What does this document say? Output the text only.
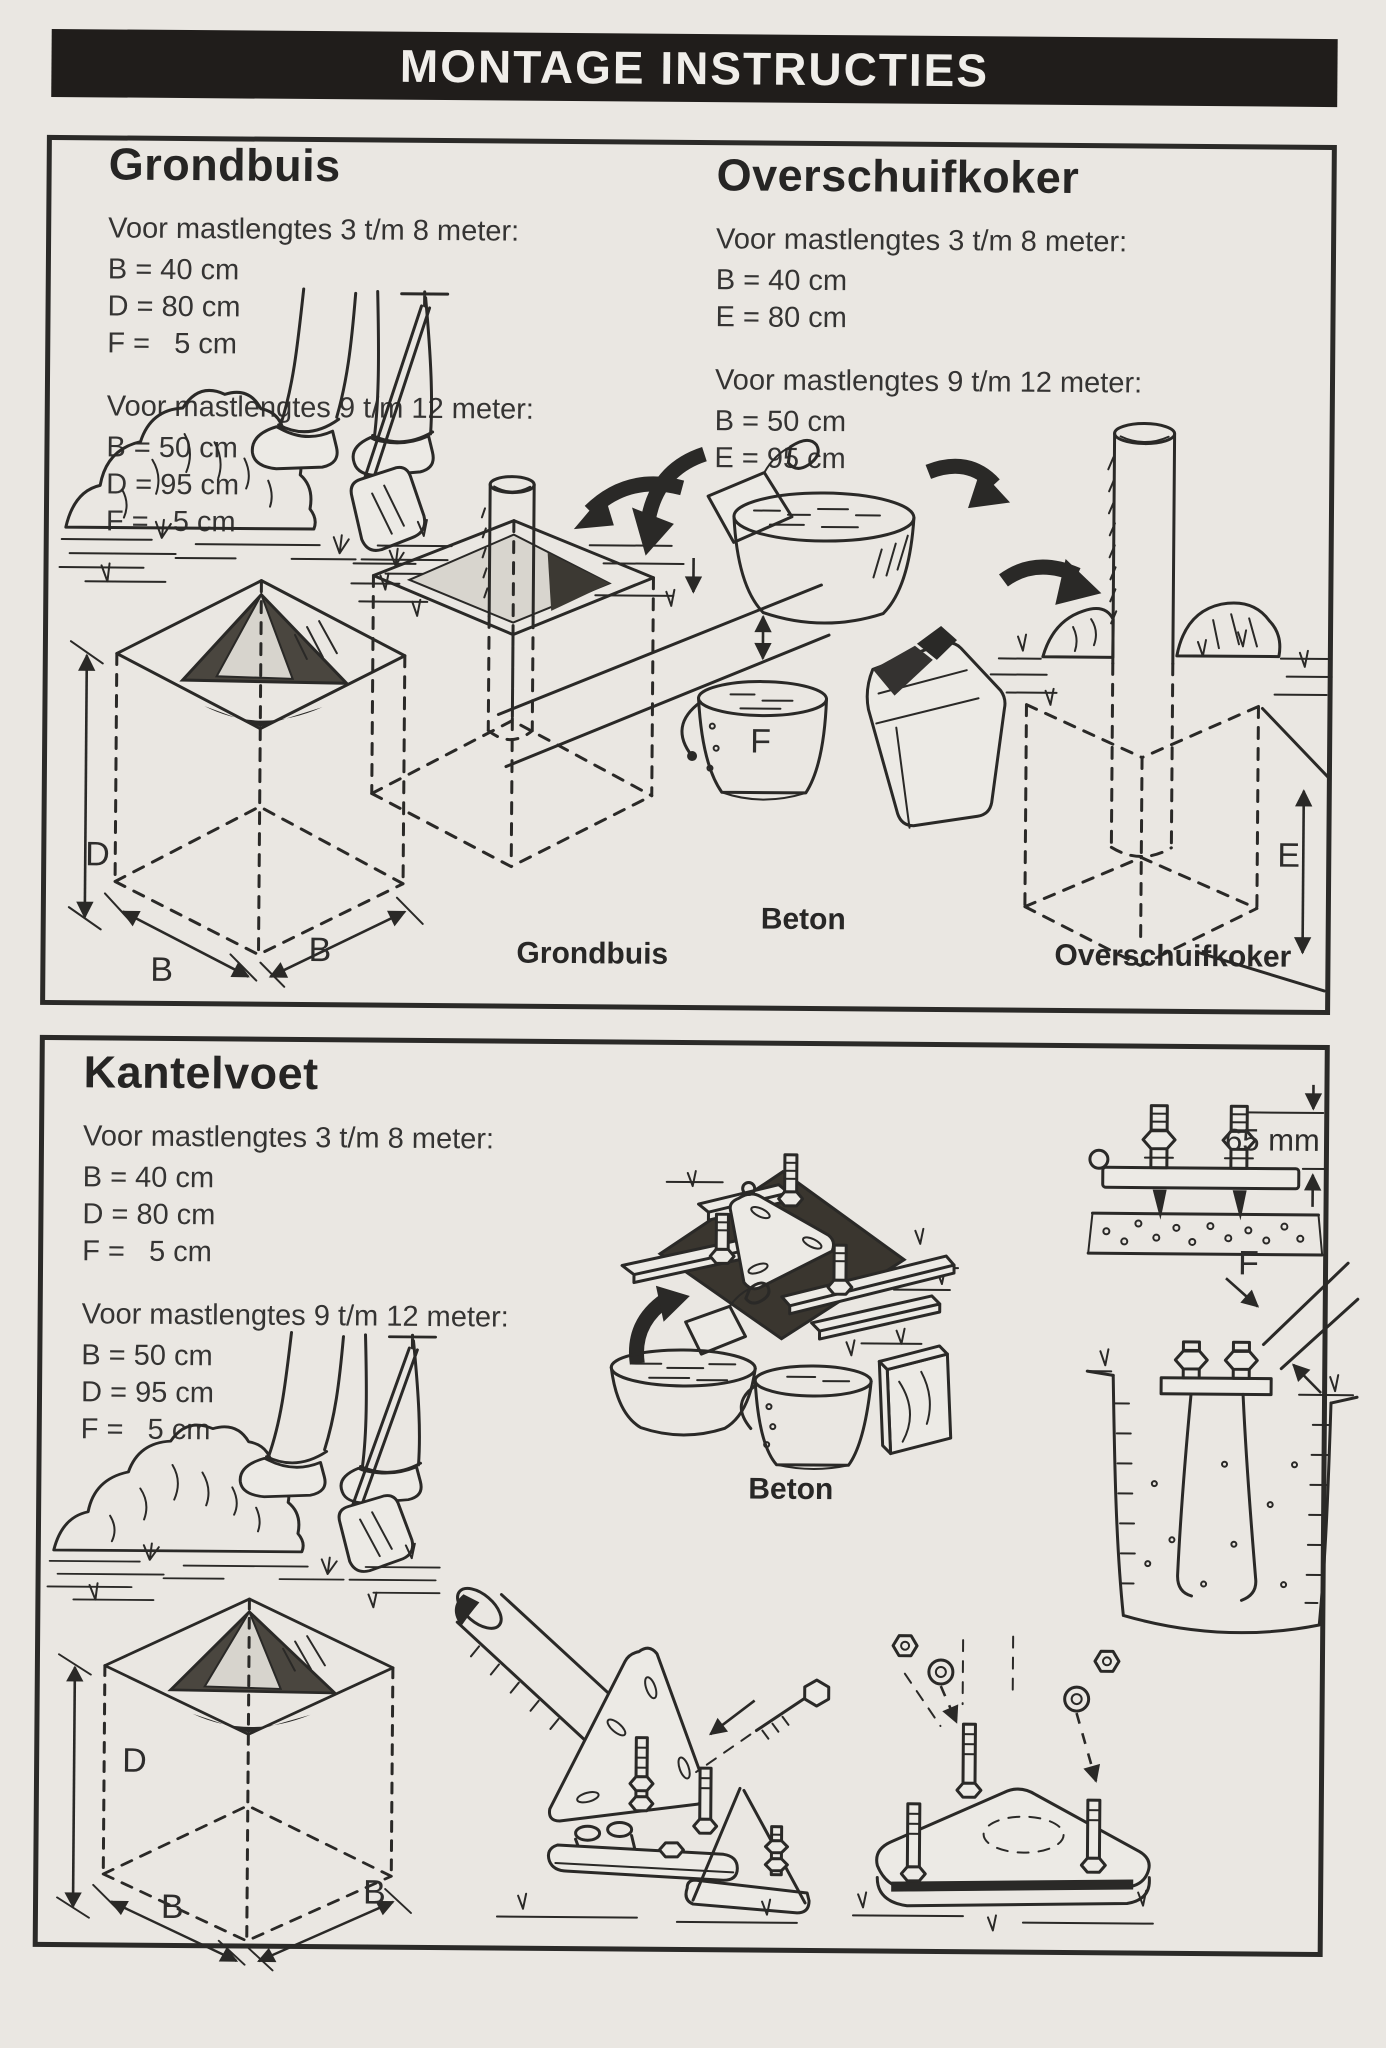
MONTAGE INSTRUCTIES
Grondbuis
Voor mastlengtes 3 t/m 8 meter:
B = 40 cm
D = 80 cm
F =   5 cm
Voor mastlengtes 9 t/m 12 meter:
B = 50 cm
D = 95 cm
F =   5 cm
Overschuifkoker
Voor mastlengtes 3 t/m 8 meter:
B = 40 cm
E = 80 cm
Voor mastlengtes 9 t/m 12 meter:
B = 50 cm
E = 95 cm
D
B
B
F
E
Grondbuis
Beton
Overschuifkoker
Kantelvoet
Voor mastlengtes 3 t/m 8 meter:
B = 40 cm
D = 80 cm
F =   5 cm
Voor mastlengtes 9 t/m 12 meter:
B = 50 cm
D = 95 cm
F =   5 cm
65 mm
F
Beton
D
B	B
